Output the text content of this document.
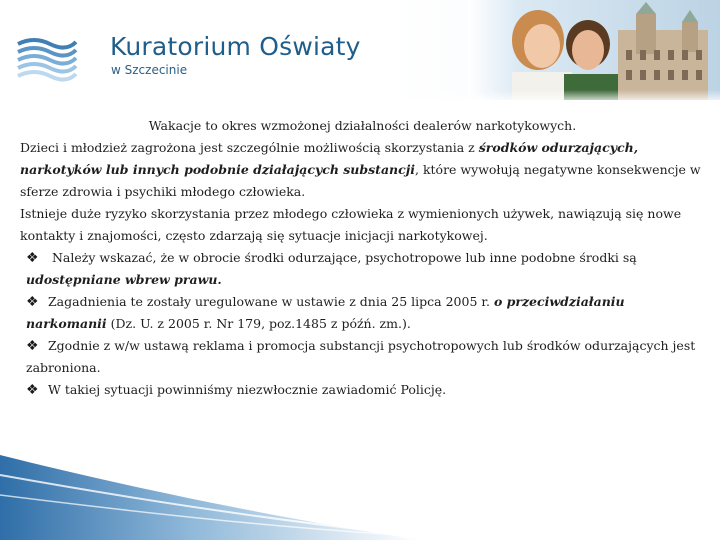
Kuratorium Oświaty
w Szczecinie

Wakacje to okres wzmożonej działalności dealerów narkotykowych.

Dzieci i młodzież zagrożona jest szczególnie możliwością skorzystania z środków odurzających, narkotyków lub innych podobnie działających substancji, które wywołują negatywne konsekwencje w sferze zdrowia i psychiki młodego człowieka.

Istnieje duże ryzyko skorzystania przez młodego człowieka z wymienionych używek, nawiązują się nowe kontakty i znajomości, często zdarzają się sytuacje inicjacji narkotykowej.

❖ Należy wskazać, że w obrocie środki odurzające, psychotropowe lub inne podobne środki są udostępniane wbrew prawu.

❖ Zagadnienia te zostały uregulowane w ustawie z dnia 25 lipca 2005 r. o przeciwdziałaniu narkomanii (Dz. U. z 2005 r. Nr 179, poz.1485 z późń. zm.).

❖ Zgodnie z w/w ustawą reklama i promocja substancji psychotropowych lub środków odurzających jest zabroniona.

❖ W takiej sytuacji powinniśmy niezwłocznie zawiadomić Policję.
